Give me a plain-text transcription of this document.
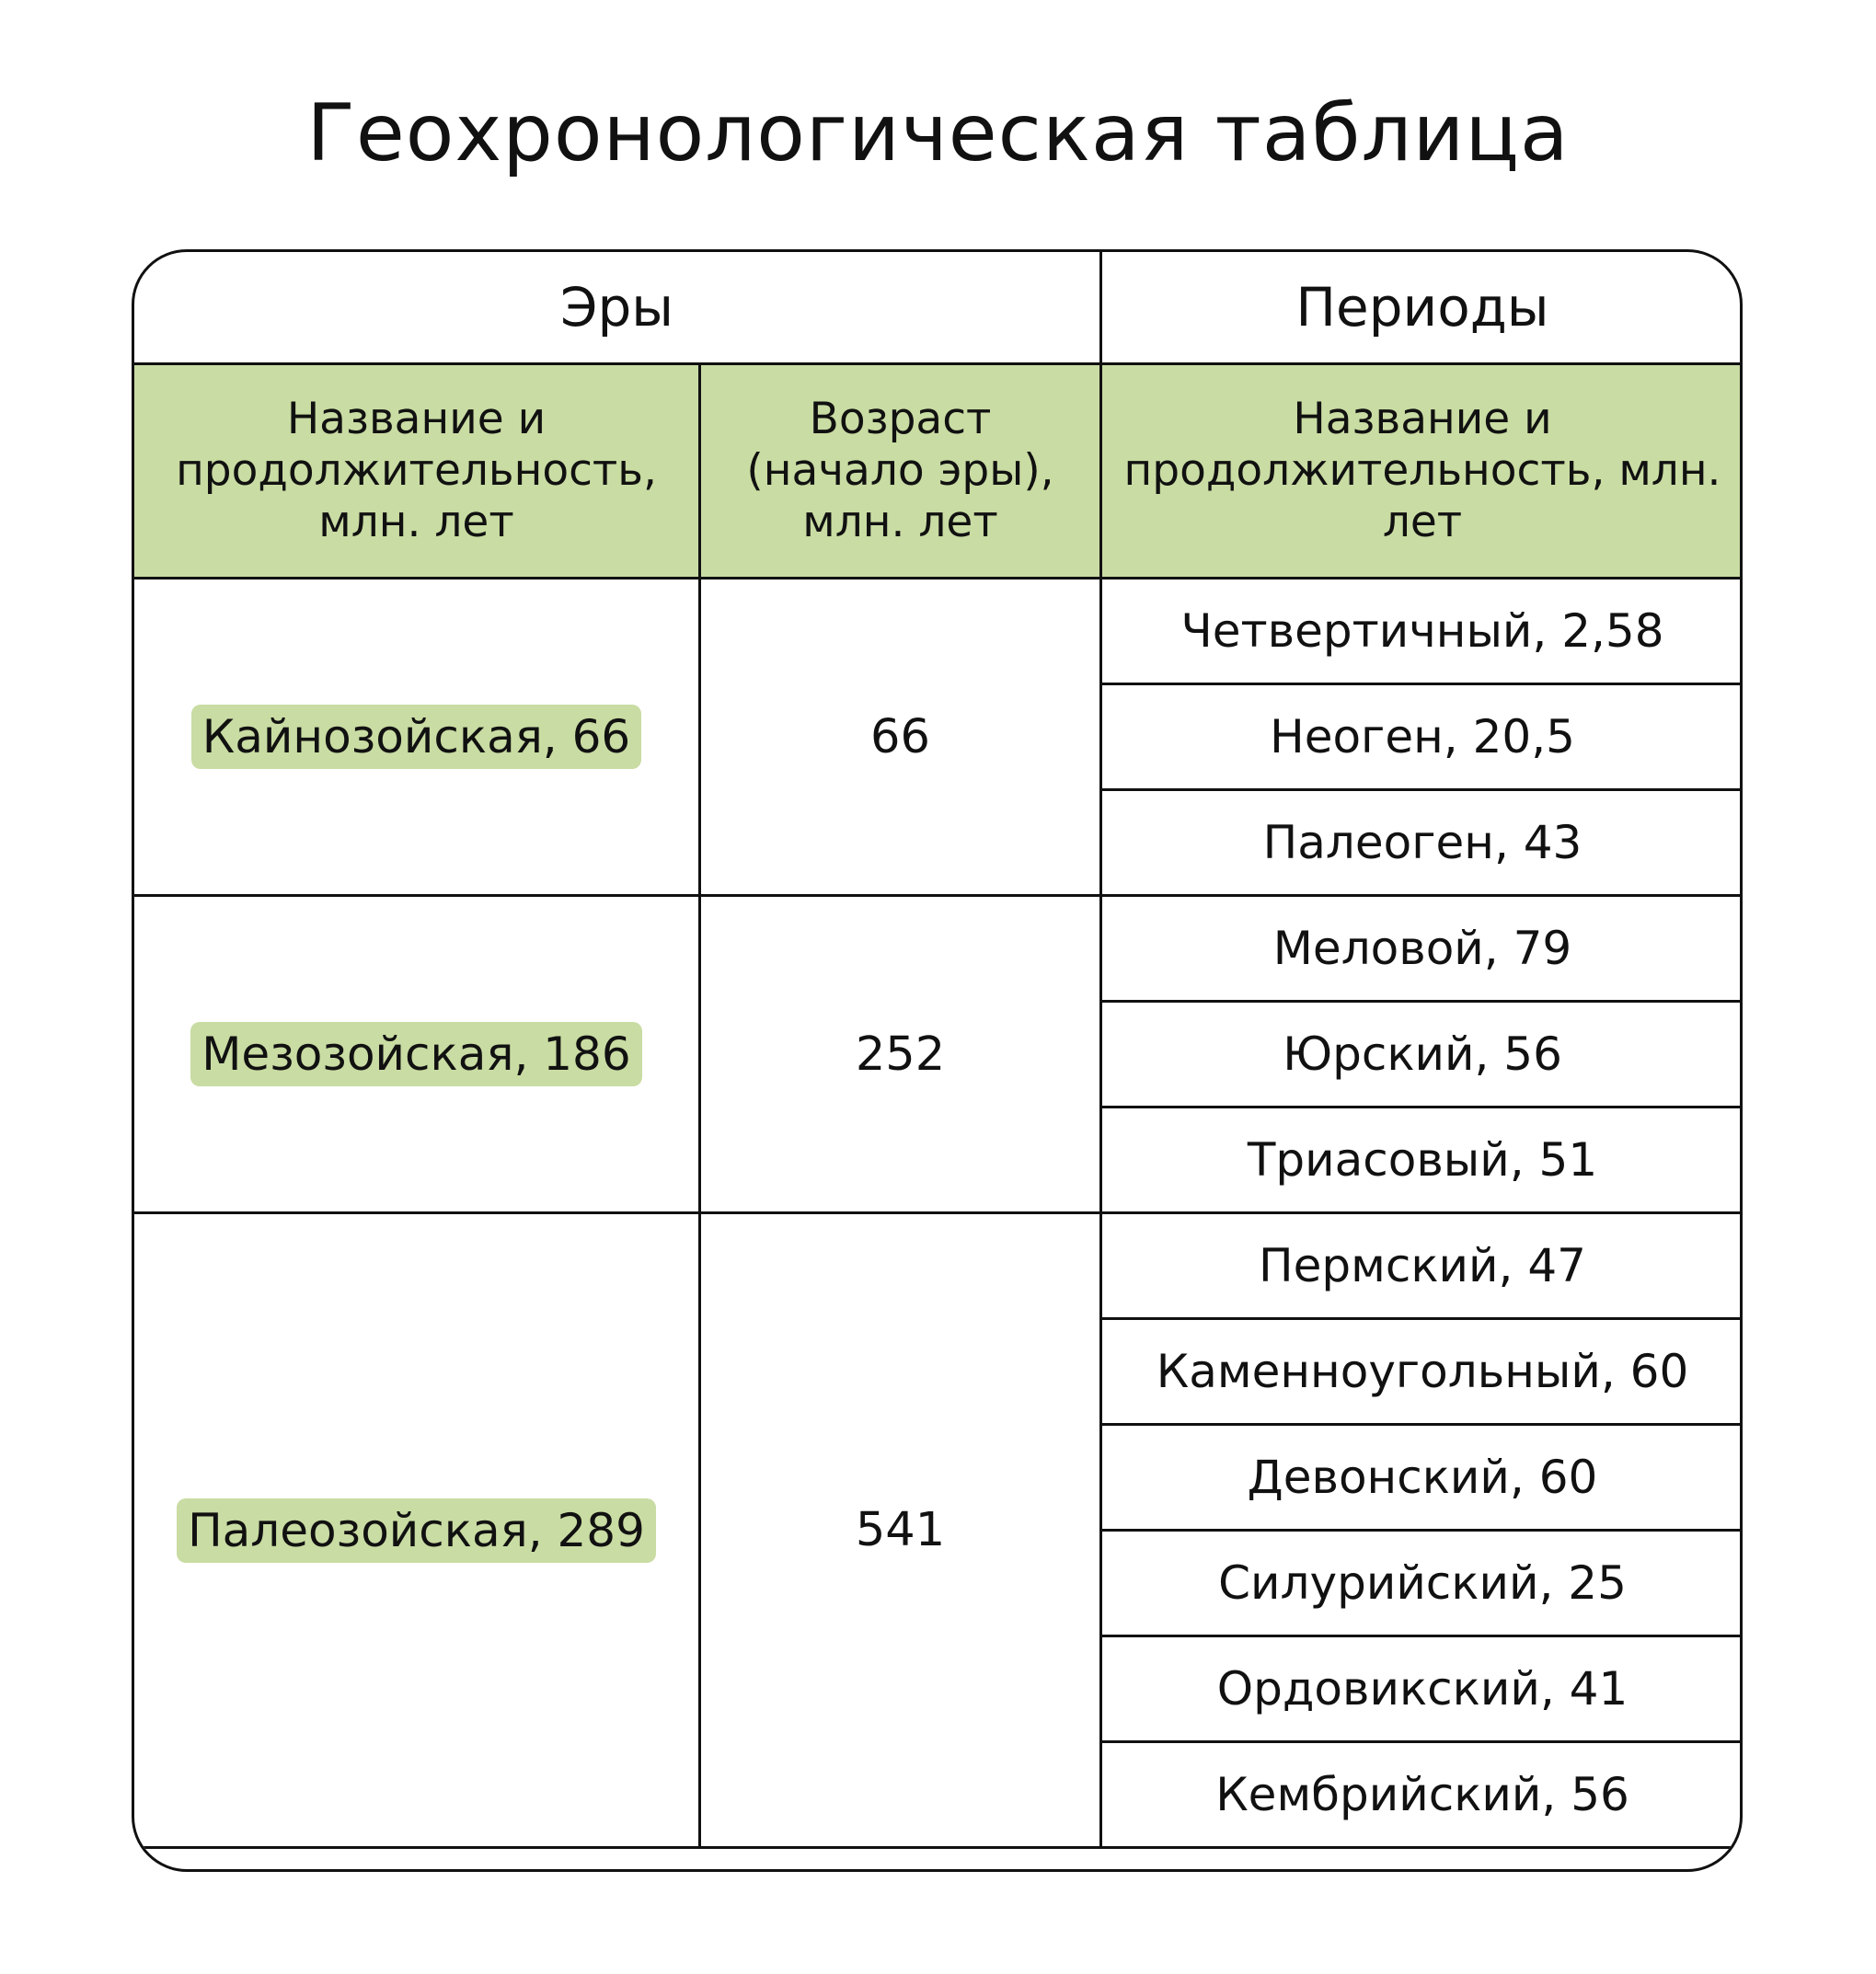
Геохронологическая таблица
Эры		Периоды
Название и продолжительность, млн. лет	Возраст (начало эры), млн. лет	Название и продолжительность, млн. лет
Кайнозойская, 66	66	Четвертичный, 2,58
		Неоген, 20,5
		Палеоген, 43
Мезозойская, 186	252	Меловой, 79
		Юрский, 56
		Триасовый, 51
Палеозойская, 289	541	Пермский, 47
		Каменноугольный, 60
		Девонский, 60
		Силурийский, 25
		Ордовикский, 41
		Кембрийский, 56
